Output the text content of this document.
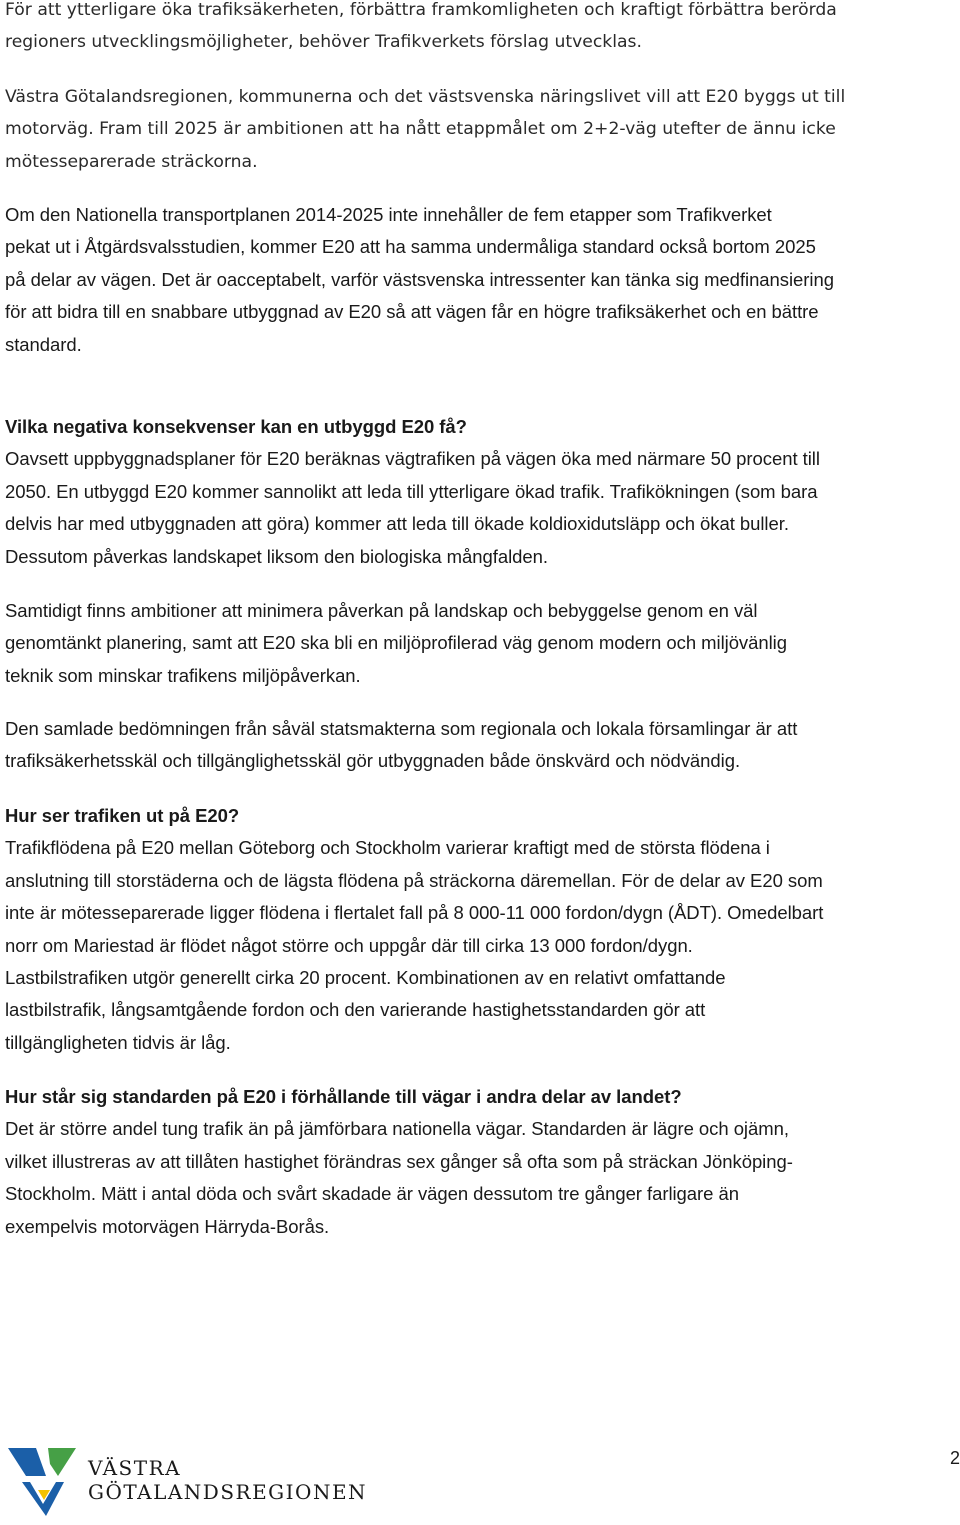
För att ytterligare öka trafiksäkerheten, förbättra framkomligheten och kraftigt förbättra berörda

regioners utvecklingsmöjligheter, behöver Trafikverkets förslag utvecklas.

Västra Götalandsregionen, kommunerna och det västsvenska näringslivet vill att E20 byggs ut till

motorväg. Fram till 2025 är ambitionen att ha nått etappmålet om 2+2-väg utefter de ännu icke

mötesseparerade sträckorna.

Om den Nationella transportplanen 2014-2025 inte innehåller de fem etapper som Trafikverket

pekat ut i Åtgärdsvalsstudien, kommer E20 att ha samma undermåliga standard också bortom 2025

på delar av vägen. Det är oacceptabelt, varför västsvenska intressenter kan tänka sig medfinansiering

för att bidra till en snabbare utbyggnad av E20 så att vägen får en högre trafiksäkerhet och en bättre

standard.

Vilka negativa konsekvenser kan en utbyggd E20 få?

Oavsett uppbyggnadsplaner för E20 beräknas vägtrafiken på vägen öka med närmare 50 procent till

2050. En utbyggd E20 kommer sannolikt att leda till ytterligare ökad trafik. Trafikökningen (som bara

delvis har med utbyggnaden att göra) kommer att leda till ökade koldioxidutsläpp och ökat buller.

Dessutom påverkas landskapet liksom den biologiska mångfalden.

Samtidigt finns ambitioner att minimera påverkan på landskap och bebyggelse genom en väl

genomtänkt planering, samt att E20 ska bli en miljöprofilerad väg genom modern och miljövänlig

teknik som minskar trafikens miljöpåverkan.

Den samlade bedömningen från såväl statsmakterna som regionala och lokala församlingar är att

trafiksäkerhetsskäl och tillgänglighetsskäl gör utbyggnaden både önskvärd och nödvändig.

Hur ser trafiken ut på E20?

Trafikflödena på E20 mellan Göteborg och Stockholm varierar kraftigt med de största flödena i

anslutning till storstäderna och de lägsta flödena på sträckorna däremellan. För de delar av E20 som

inte är mötesseparerade ligger flödena i flertalet fall på 8 000-11 000 fordon/dygn (ÅDT). Omedelbart

norr om Mariestad är flödet något större och uppgår där till cirka 13 000 fordon/dygn.

Lastbilstrafiken utgör generellt cirka 20 procent. Kombinationen av en relativt omfattande

lastbilstrafik, långsamtgående fordon och den varierande hastighetsstandarden gör att

tillgängligheten tidvis är låg.

Hur står sig standarden på E20 i förhållande till vägar i andra delar av landet?

Det är större andel tung trafik än på jämförbara nationella vägar. Standarden är lägre och ojämn,

vilket illustreras av att tillåten hastighet förändras sex gånger så ofta som på sträckan Jönköping-

Stockholm. Mätt i antal döda och svårt skadade är vägen dessutom tre gånger farligare än

exempelvis motorvägen Härryda-Borås.

VÄSTRA
GÖTALANDSREGIONEN
2
